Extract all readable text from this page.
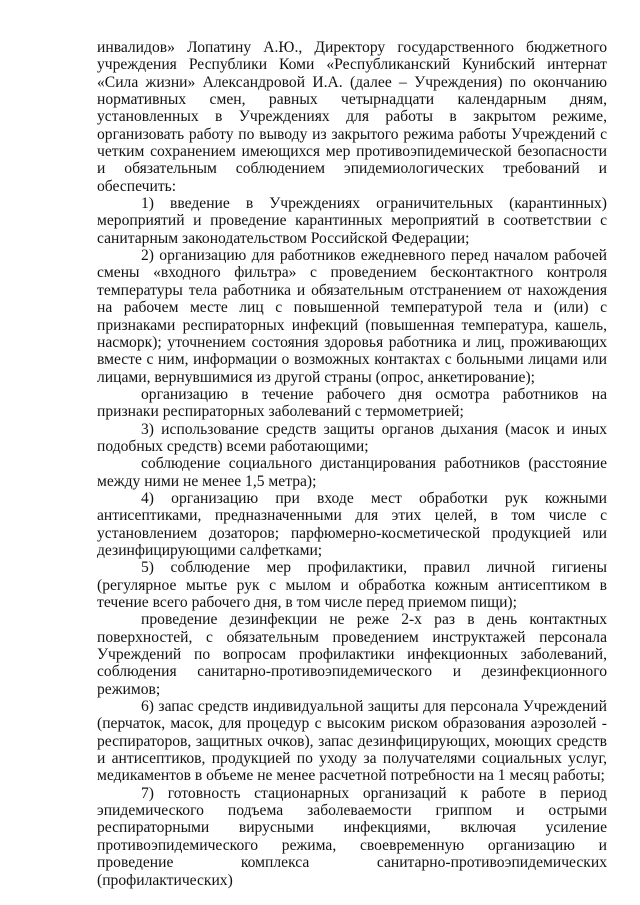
инвалидов» Лопатину А.Ю., Директору государственного бюджетного учреждения Республики Коми «Республиканский Кунибский интернат «Сила жизни» Александровой И.А. (далее – Учреждения) по окончанию нормативных смен, равных четырнадцати календарным дням, установленных в Учреждениях для работы в закрытом режиме, организовать работу по выводу из закрытого режима работы Учреждений с четким сохранением имеющихся мер противоэпидемической безопасности и обязательным соблюдением эпидемиологических требований и обеспечить:

1) введение в Учреждениях ограничительных (карантинных) мероприятий и проведение карантинных мероприятий в соответствии с санитарным законодательством Российской Федерации;

2) организацию для работников ежедневного перед началом рабочей смены «входного фильтра» с проведением бесконтактного контроля температуры тела работника и обязательным отстранением от нахождения на рабочем месте лиц с повышенной температурой тела и (или) с признаками респираторных инфекций (повышенная температура, кашель, насморк); уточнением состояния здоровья работника и лиц, проживающих вместе с ним, информации о возможных контактах с больными лицами или лицами, вернувшимися из другой страны (опрос, анкетирование);

организацию в течение рабочего дня осмотра работников на признаки респираторных заболеваний с термометрией;

3) использование средств защиты органов дыхания (масок и иных подобных средств) всеми работающими;

соблюдение социального дистанцирования работников (расстояние между ними не менее 1,5 метра);

4) организацию при входе мест обработки рук кожными антисептиками, предназначенными для этих целей, в том числе с установлением дозаторов; парфюмерно-косметической продукцией или дезинфицирующими салфетками;

5) соблюдение мер профилактики, правил личной гигиены (регулярное мытье рук с мылом и обработка кожным антисептиком в течение всего рабочего дня, в том числе перед приемом пищи);

проведение дезинфекции не реже 2-х раз в день контактных поверхностей, с обязательным проведением инструктажей персонала Учреждений по вопросам профилактики инфекционных заболеваний, соблюдения санитарно-противоэпидемического и дезинфекционного режимов;

6) запас средств индивидуальной защиты для персонала Учреждений (перчаток, масок, для процедур с высоким риском образования аэрозолей - респираторов, защитных очков), запас дезинфицирующих, моющих средств и антисептиков, продукцией по уходу за получателями социальных услуг, медикаментов в объеме не менее расчетной потребности на 1 месяц работы;

7) готовность стационарных организаций к работе в период эпидемического подъема заболеваемости гриппом и острыми респираторными вирусными инфекциями, включая усиление противоэпидемического режима, своевременную организацию и проведение комплекса санитарно-противоэпидемических (профилактических)
